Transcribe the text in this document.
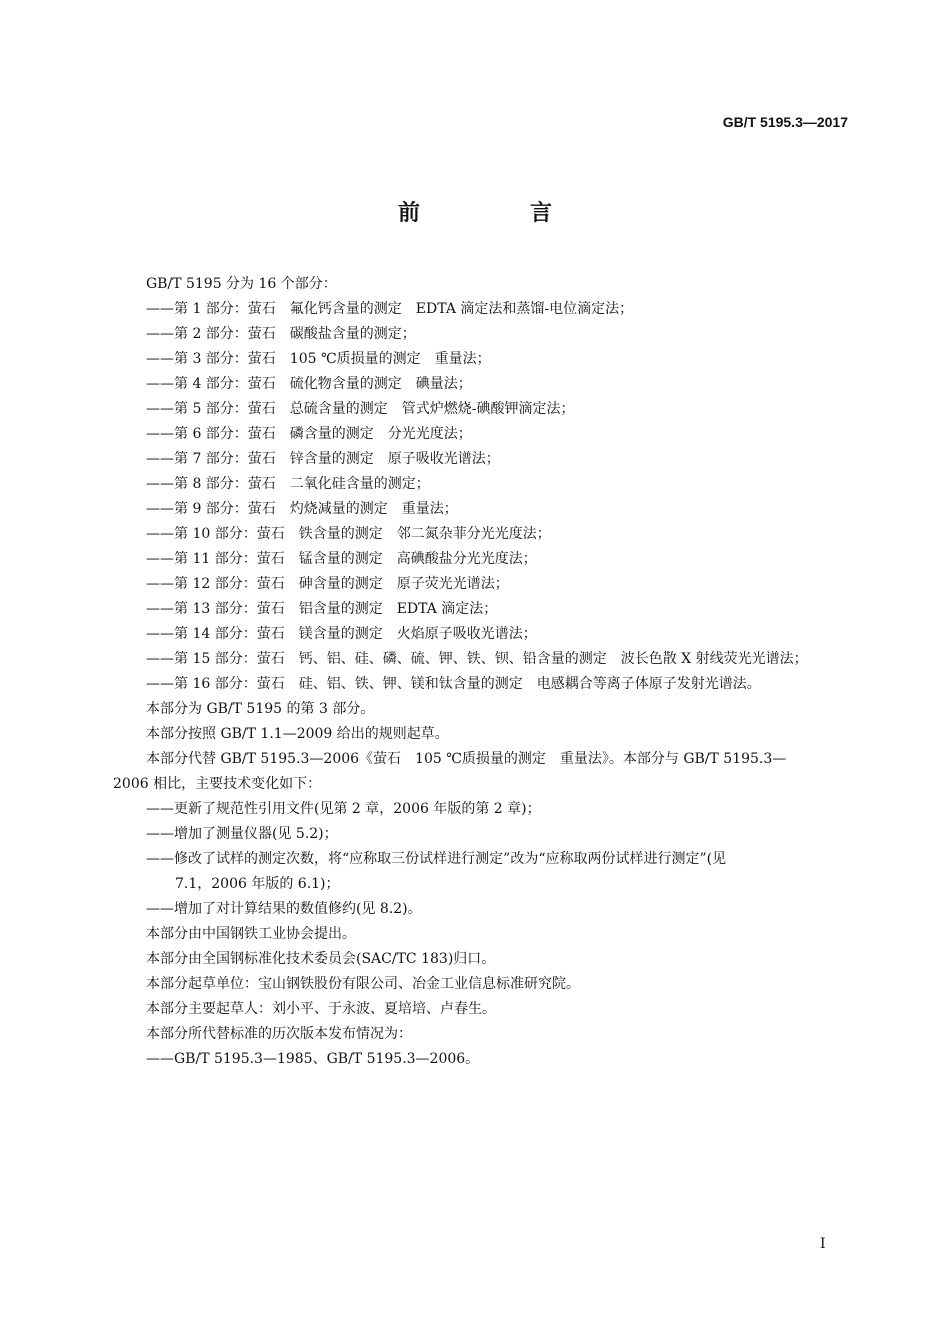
GB/T 5195.3—2017
前　言
GB/T 5195 分为 16 个部分：
——第 1 部分：萤石　氟化钙含量的测定　EDTA 滴定法和蒸馏-电位滴定法；
——第 2 部分：萤石　碳酸盐含量的测定；
——第 3 部分：萤石　105 ℃质损量的测定　重量法；
——第 4 部分：萤石　硫化物含量的测定　碘量法；
——第 5 部分：萤石　总硫含量的测定　管式炉燃烧-碘酸钾滴定法；
——第 6 部分：萤石　磷含量的测定　分光光度法；
——第 7 部分：萤石　锌含量的测定　原子吸收光谱法；
——第 8 部分：萤石　二氧化硅含量的测定；
——第 9 部分：萤石　灼烧减量的测定　重量法；
——第 10 部分：萤石　铁含量的测定　邻二氮杂菲分光光度法；
——第 11 部分：萤石　锰含量的测定　高碘酸盐分光光度法；
——第 12 部分：萤石　砷含量的测定　原子荧光光谱法；
——第 13 部分：萤石　铝含量的测定　EDTA 滴定法；
——第 14 部分：萤石　镁含量的测定　火焰原子吸收光谱法；
——第 15 部分：萤石　钙、铝、硅、磷、硫、钾、铁、钡、铅含量的测定　波长色散 X 射线荧光光谱法；
——第 16 部分：萤石　硅、铝、铁、钾、镁和钛含量的测定　电感耦合等离子体原子发射光谱法。
本部分为 GB/T 5195 的第 3 部分。
本部分按照 GB/T 1.1—2009 给出的规则起草。
本部分代替 GB/T 5195.3—2006《萤石　105 ℃质损量的测定　重量法》。本部分与 GB/T 5195.3—
2006 相比，主要技术变化如下：
——更新了规范性引用文件(见第 2 章，2006 年版的第 2 章)；
——增加了测量仪器(见 5.2)；
——修改了试样的测定次数，将“应称取三份试样进行测定”改为“应称取两份试样进行测定”(见
7.1，2006 年版的 6.1)；
——增加了对计算结果的数值修约(见 8.2)。
本部分由中国钢铁工业协会提出。
本部分由全国钢标准化技术委员会(SAC/TC 183)归口。
本部分起草单位：宝山钢铁股份有限公司、冶金工业信息标准研究院。
本部分主要起草人：刘小平、于永波、夏培培、卢春生。
本部分所代替标准的历次版本发布情况为：
——GB/T 5195.3—1985、GB/T 5195.3—2006。
I
